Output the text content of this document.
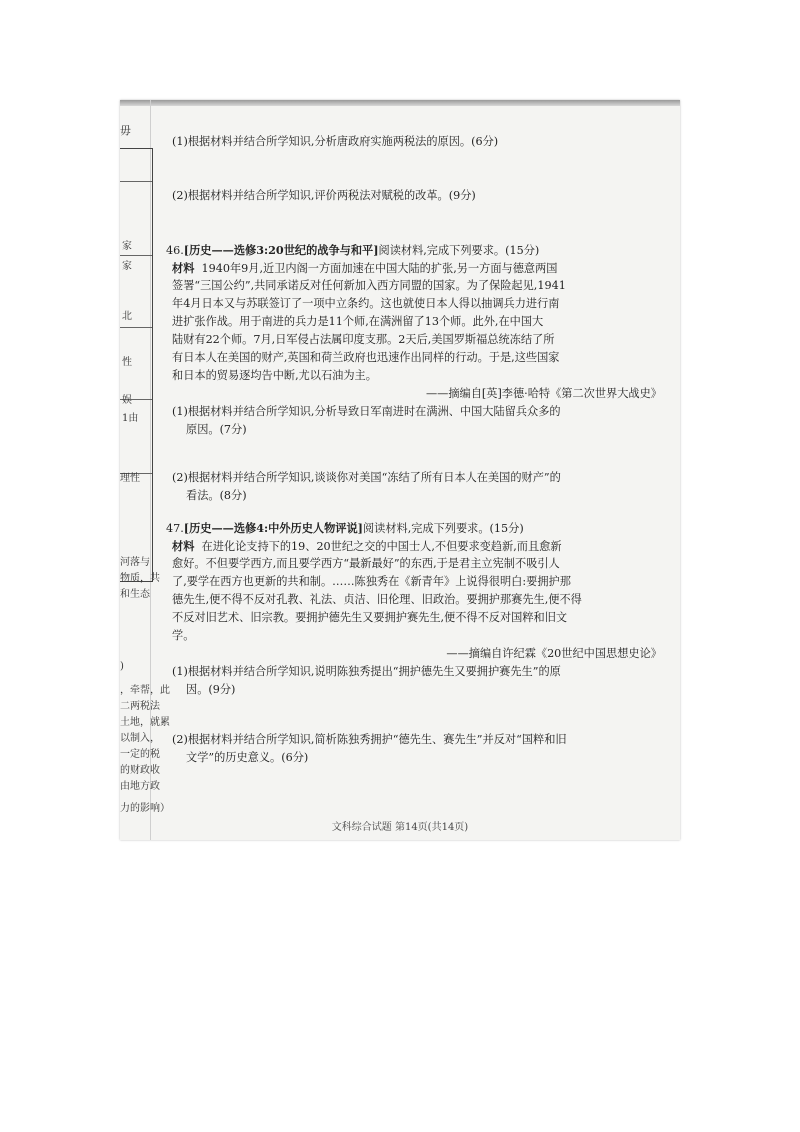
毋
家
家
北
性
娱
1由
理性
河落与
物质，共
和生态
)
，牵帮，此
二两税法
土地，就累
以制入，
一定的税
的财政收
由地方政
力的影响）
(1)根据材料并结合所学知识,分析唐政府实施两税法的原因。(6分)
(2)根据材料并结合所学知识,评价两税法对赋税的改革。(9分)
46.[历史——选修3:20世纪的战争与和平]阅读材料,完成下列要求。(15分)
材料 1940年9月,近卫内阁一方面加速在中国大陆的扩张,另一方面与德意两国
签署“三国公约”,共同承诺反对任何新加入西方同盟的国家。为了保险起见,1941
年4月日本又与苏联签订了一项中立条约。这也就使日本人得以抽调兵力进行南
进扩张作战。用于南进的兵力是11个师,在满洲留了13个师。此外,在中国大
陆财有22个师。7月,日军侵占法属印度支那。2天后,美国罗斯福总统冻结了所
有日本人在美国的财产,英国和荷兰政府也迅速作出同样的行动。于是,这些国家
和日本的贸易逐均告中断,尤以石油为主。
——摘编自[英]李德·哈特《第二次世界大战史》
(1)根据材料并结合所学知识,分析导致日军南进时在满洲、中国大陆留兵众多的
原因。(7分)
(2)根据材料并结合所学知识,谈谈你对美国“冻结了所有日本人在美国的财产”的
看法。(8分)
47.[历史——选修4:中外历史人物评说]阅读材料,完成下列要求。(15分)
材料 在进化论支持下的19、20世纪之交的中国士人,不但要求变趋新,而且愈新
愈好。不但要学西方,而且要学西方“最新最好”的东西,于是君主立宪制不吸引人
了,要学在西方也更新的共和制。……陈独秀在《新青年》上说得很明白:要拥护那
德先生,便不得不反对孔教、礼法、贞洁、旧伦理、旧政治。要拥护那赛先生,便不得
不反对旧艺术、旧宗教。要拥护德先生又要拥护赛先生,便不得不反对国粹和旧文
学。
——摘编自许纪霖《20世纪中国思想史论》
(1)根据材料并结合所学知识,说明陈独秀提出“拥护德先生又要拥护赛先生”的原
因。(9分)
(2)根据材料并结合所学知识,简析陈独秀拥护“德先生、赛先生”并反对“国粹和旧
文学”的历史意义。(6分)
文科综合试题 第14页(共14页)
